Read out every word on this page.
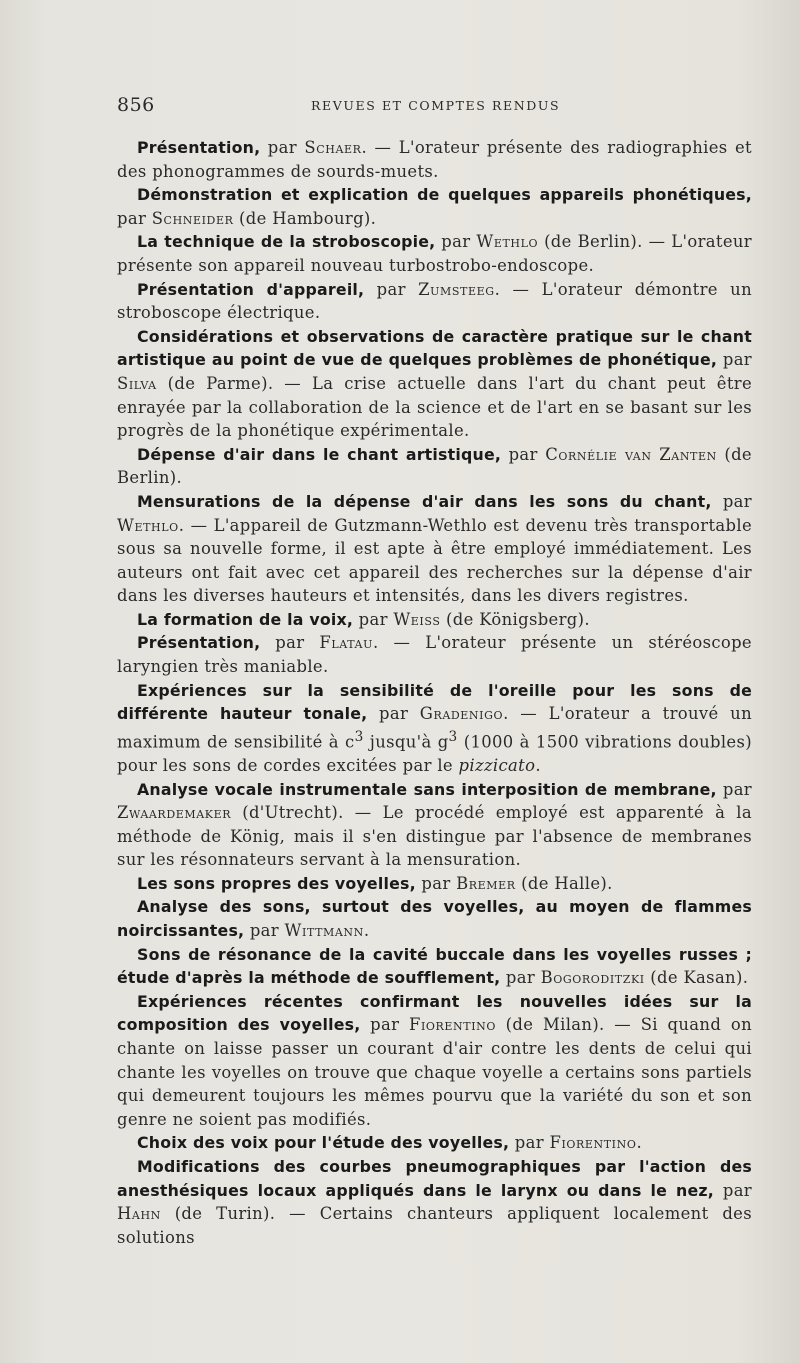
856	REVUES ET COMPTES RENDUS

Présentation, par Schaer. — L'orateur présente des radiographies et des phonogrammes de sourds-muets.

Démonstration et explication de quelques appareils phonétiques, par Schneider (de Hambourg).

La technique de la stroboscopie, par Wethlo (de Berlin). — L'orateur présente son appareil nouveau turbostrobo-endoscope.

Présentation d'appareil, par Zumsteeg. — L'orateur démontre un stroboscope électrique.

Considérations et observations de caractère pratique sur le chant artistique au point de vue de quelques problèmes de phonétique, par Silva (de Parme). — La crise actuelle dans l'art du chant peut être enrayée par la collaboration de la science et de l'art en se basant sur les progrès de la phonétique expérimentale.

Dépense d'air dans le chant artistique, par Cornélie van Zanten (de Berlin).

Mensurations de la dépense d'air dans les sons du chant, par Wethlo. — L'appareil de Gutzmann-Wethlo est devenu très transportable sous sa nouvelle forme, il est apte à être employé immédiatement. Les auteurs ont fait avec cet appareil des recherches sur la dépense d'air dans les diverses hauteurs et intensités, dans les divers registres.

La formation de la voix, par Weiss (de Königsberg).

Présentation, par Flatau. — L'orateur présente un stéréoscope laryngien très maniable.

Expériences sur la sensibilité de l'oreille pour les sons de différente hauteur tonale, par Gradenigo. — L'orateur a trouvé un maximum de sensibilité à $c^3$ jusqu'à $g^3$ (1000 à 1500 vibrations doubles) pour les sons de cordes excitées par le pizzicato.

Analyse vocale instrumentale sans interposition de membrane, par Zwaardemaker (d'Utrecht). — Le procédé employé est apparenté à la méthode de König, mais il s'en distingue par l'absence de membranes sur les résonnateurs servant à la mensuration.

Les sons propres des voyelles, par Bremer (de Halle).

Analyse des sons, surtout des voyelles, au moyen de flammes noircissantes, par Wittmann.

Sons de résonance de la cavité buccale dans les voyelles russes ; étude d'après la méthode de soufflement, par Bogoroditzki (de Kasan).

Expériences récentes confirmant les nouvelles idées sur la composition des voyelles, par Fiorentino (de Milan). — Si quand on chante on laisse passer un courant d'air contre les dents de celui qui chante les voyelles on trouve que chaque voyelle a certains sons partiels qui demeurent toujours les mêmes pourvu que la variété du son et son genre ne soient pas modifiés.

Choix des voix pour l'étude des voyelles, par Fiorentino.

Modifications des courbes pneumographiques par l'action des anesthésiques locaux appliqués dans le larynx ou dans le nez, par Hahn (de Turin). — Certains chanteurs appliquent localement des solutions
